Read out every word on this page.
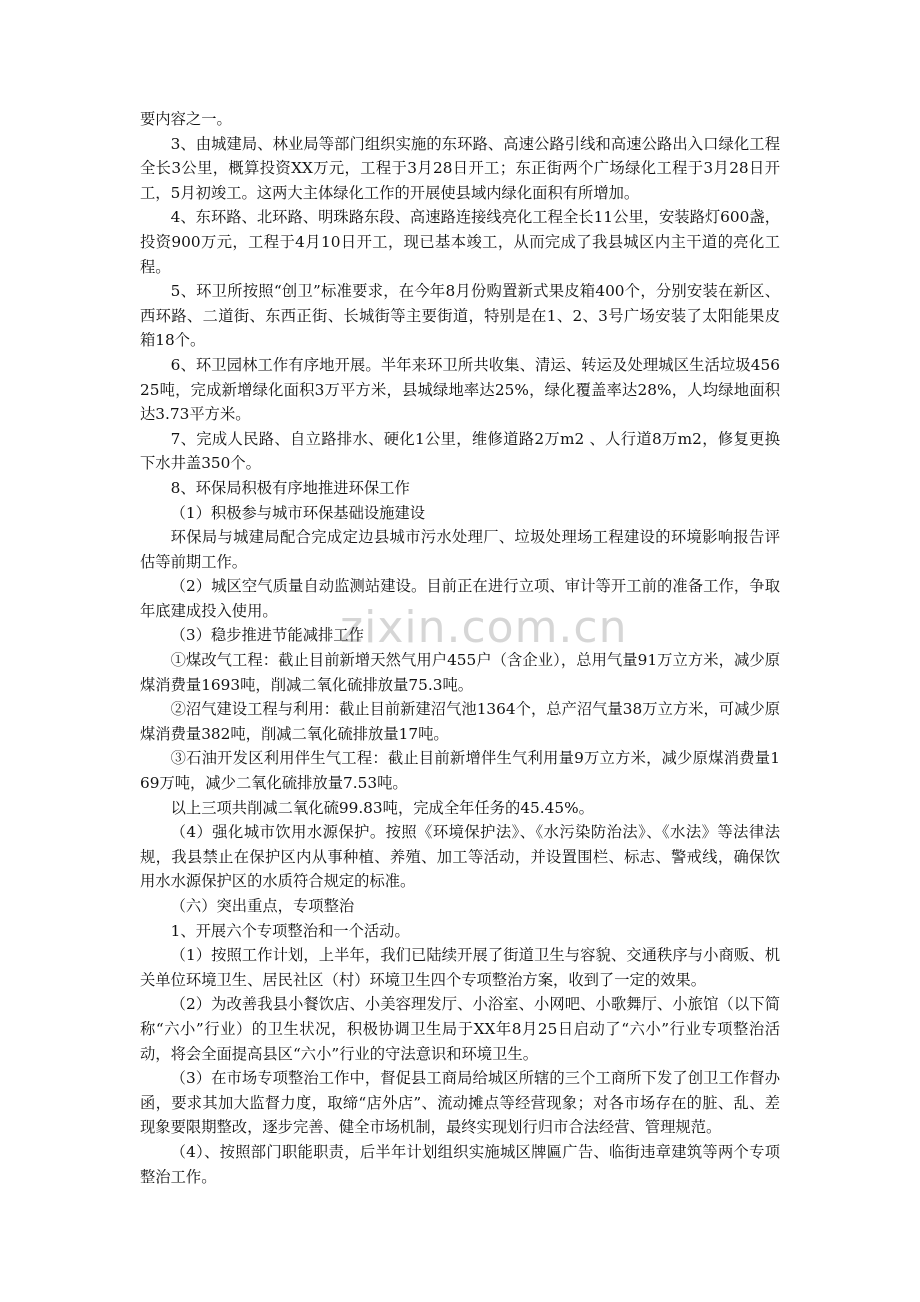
zixin.com.cn

要内容之一。

3、由城建局、林业局等部门组织实施的东环路、高速公路引线和高速公路出入口绿化工程全长3公里，概算投资XX万元，工程于3月28日开工；东正街两个广场绿化工程于3月28日开工，5月初竣工。这两大主体绿化工作的开展使县域内绿化面积有所增加。

4、东环路、北环路、明珠路东段、高速路连接线亮化工程全长11公里，安装路灯600盏，投资900万元，工程于4月10日开工，现已基本竣工，从而完成了我县城区内主干道的亮化工程。

5、环卫所按照“创卫”标准要求，在今年8月份购置新式果皮箱400个，分别安装在新区、西环路、二道街、东西正街、长城街等主要街道，特别是在1、2、3号广场安装了太阳能果皮箱18个。

6、环卫园林工作有序地开展。半年来环卫所共收集、清运、转运及处理城区生活垃圾45625吨，完成新增绿化面积3万平方米，县城绿地率达25%，绿化覆盖率达28%，人均绿地面积达3.73平方米。

7、完成人民路、自立路排水、硬化1公里，维修道路2万m2 、人行道8万m2，修复更换下水井盖350个。

8、环保局积极有序地推进环保工作

（1）积极参与城市环保基础设施建设

环保局与城建局配合完成定边县城市污水处理厂、垃圾处理场工程建设的环境影响报告评估等前期工作。

（2）城区空气质量自动监测站建设。目前正在进行立项、审计等开工前的准备工作，争取年底建成投入使用。

（3）稳步推进节能减排工作

①煤改气工程：截止目前新增天然气用户455户（含企业），总用气量91万立方米，减少原煤消费量1693吨，削减二氧化硫排放量75.3吨。

②沼气建设工程与利用：截止目前新建沼气池1364个，总产沼气量38万立方米，可减少原煤消费量382吨，削减二氧化硫排放量17吨。

③石油开发区利用伴生气工程：截止目前新增伴生气利用量9万立方米，减少原煤消费量169万吨，减少二氧化硫排放量7.53吨。

以上三项共削减二氧化硫99.83吨，完成全年任务的45.45%。

（4）强化城市饮用水源保护。按照《环境保护法》、《水污染防治法》、《水法》等法律法规，我县禁止在保护区内从事种植、养殖、加工等活动，并设置围栏、标志、警戒线，确保饮用水水源保护区的水质符合规定的标准。

（六）突出重点，专项整治

1、开展六个专项整治和一个活动。

（1）按照工作计划，上半年，我们已陆续开展了街道卫生与容貌、交通秩序与小商贩、机关单位环境卫生、居民社区（村）环境卫生四个专项整治方案，收到了一定的效果。

（2）为改善我县小餐饮店、小美容理发厅、小浴室、小网吧、小歌舞厅、小旅馆（以下简称“六小”行业）的卫生状况，积极协调卫生局于XX年8月25日启动了“六小”行业专项整治活动，将会全面提高县区“六小”行业的守法意识和环境卫生。

（3）在市场专项整治工作中，督促县工商局给城区所辖的三个工商所下发了创卫工作督办函，要求其加大监督力度，取缔“店外店”、流动摊点等经营现象；对各市场存在的脏、乱、差现象要限期整改，逐步完善、健全市场机制，最终实现划行归市合法经营、管理规范。

（4）、按照部门职能职责，后半年计划组织实施城区牌匾广告、临街违章建筑等两个专项整治工作。
